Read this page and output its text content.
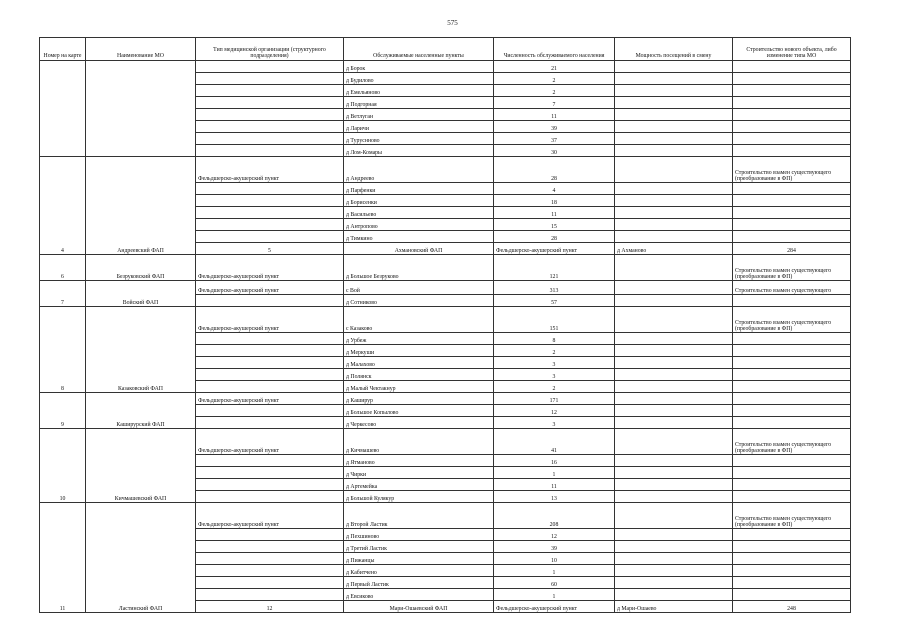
575
Номер на карте	Наименование МО	Тип медицинской организации (структурного подразделения)	Обслуживаемые населенные пункты	Численность обслуживаемого населения	Мощность посещений в смену	Строительство нового объекта, либо изменение типа МО	
			д Борок	21			
			д Будилово	2			
			д Емельяново	2			
			д Подгорная	7			
			д Ветлуган	11			
			д Ларичи	39			
			д Туруснново	37			
			д Лом-Комары	30			
4	Андреевский ФАП	Фельдшерско-акушерский пункт	д Андреево	28		Строительство взамен существующего (преобразование в ФП)	
			д Парфенки	4			
			д Борисенки	18			
			д Васильево	11			
			д Антропово	15			
			д Тимкино	28			
		5	Ахмановский ФАП	Фельдшерско-акушерский пункт	д Ахманово	284		
6	Безруковский ФАП	Фельдшерско-акушерский пункт	д Большое Безруково	121		Строительство взамен существующего (преобразование в ФП)	
7	Войский ФАП	Фельдшерско-акушерский пункт	с Вой	313		Строительство взамен существующего	
			д Сотниково	57			
8	Казаковский ФАП	Фельдшерско-акушерский пункт	с Казаково	151		Строительство взамен существующего (преобразование в ФП)	
			д Урбеж	8			
			д Меркуши	2			
			д Малахово	3			
			д Полянск	3			
			д Малый Чектакнур	2			
9	Каширурский ФАП	Фельдшерско-акушерский пункт	д Каширур	171			
			д Большое Копылово	12			
			д Черкесово	3			
10	Кичмашевский ФАП	Фельдшерско-акушерский пункт	д Кичмашево	41		Строительство взамен существующего (преобразование в ФП)	
			д Ятманово	16			
			д Чирки	1			
			д Артемейка	11			
			д Большой Кулякур	13			
11	Ластинский ФАП	Фельдшерско-акушерский пункт	д Второй Ластик	208		Строительство взамен существующего (преобразование в ФП)	
			д Пехшиново	12			
			д Третий Ластик	39			
			д Пижанцы	10			
			д Кабитчено	1			
			д Первый Ластик	60			
			д Евсиково	1			
		12	Мари-Ошаевский ФАП	Фельдшерско-акушерский пункт	д Мари-Ошаево	248		
